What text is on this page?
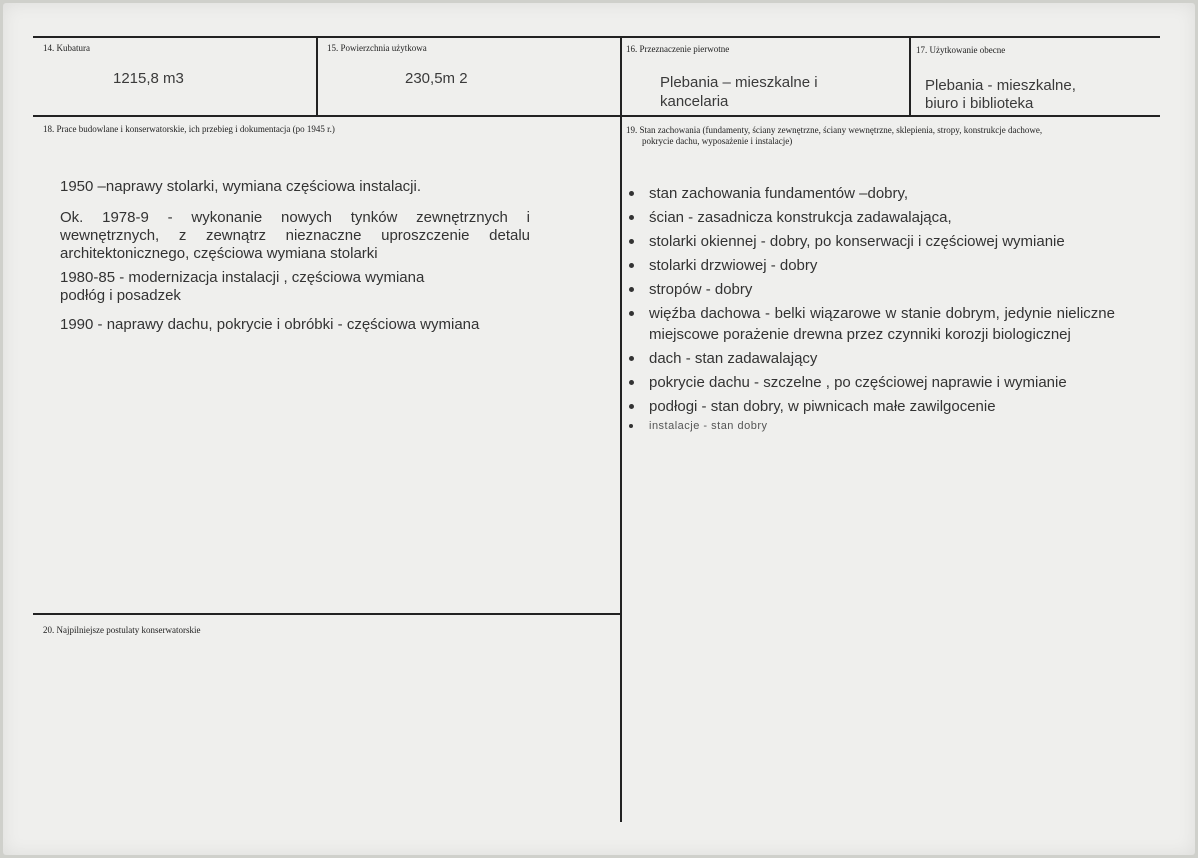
14. Kubatura
1215,8 m3
15. Powierzchnia użytkowa
230,5m 2
16. Przeznaczenie pierwotne
Plebania – mieszkalne i
kancelaria
17. Użytkowanie obecne
Plebania - mieszkalne,
biuro i biblioteka
18. Prace budowlane i konserwatorskie, ich przebieg i dokumentacja (po 1945 r.)

1950 –naprawy stolarki, wymiana częściowa instalacji.

Ok. 1978-9 - wykonanie nowych tynków zewnętrznych i wewnętrznych, z zewnątrz nieznaczne uproszczenie detalu architektonicznego, częściowa wymiana stolarki

1980-85 - modernizacja instalacji , częściowa wymiana

podłóg i posadzek

1990 - naprawy dachu, pokrycie i obróbki - częściowa wymiana

19. Stan zachowania (fundamenty, ściany zewnętrzne, ściany wewnętrzne, sklepienia, stropy, konstrukcje dachowe,
pokrycie dachu, wyposażenie i instalacje)
stan zachowania fundamentów –dobry,
ścian - zasadnicza konstrukcja zadawalająca,
stolarki okiennej - dobry, po konserwacji i częściowej wymianie
stolarki drzwiowej - dobry
stropów - dobry
więźba dachowa - belki wiązarowe w stanie dobrym, jedynie nieliczne miejscowe porażenie drewna przez czynniki korozji biologicznej
dach - stan zadawalający
pokrycie dachu - szczelne , po częściowej naprawie i wymianie
podłogi - stan dobry, w piwnicach małe zawilgocenie
instalacje - stan dobry
20. Najpilniejsze postulaty konserwatorskie
